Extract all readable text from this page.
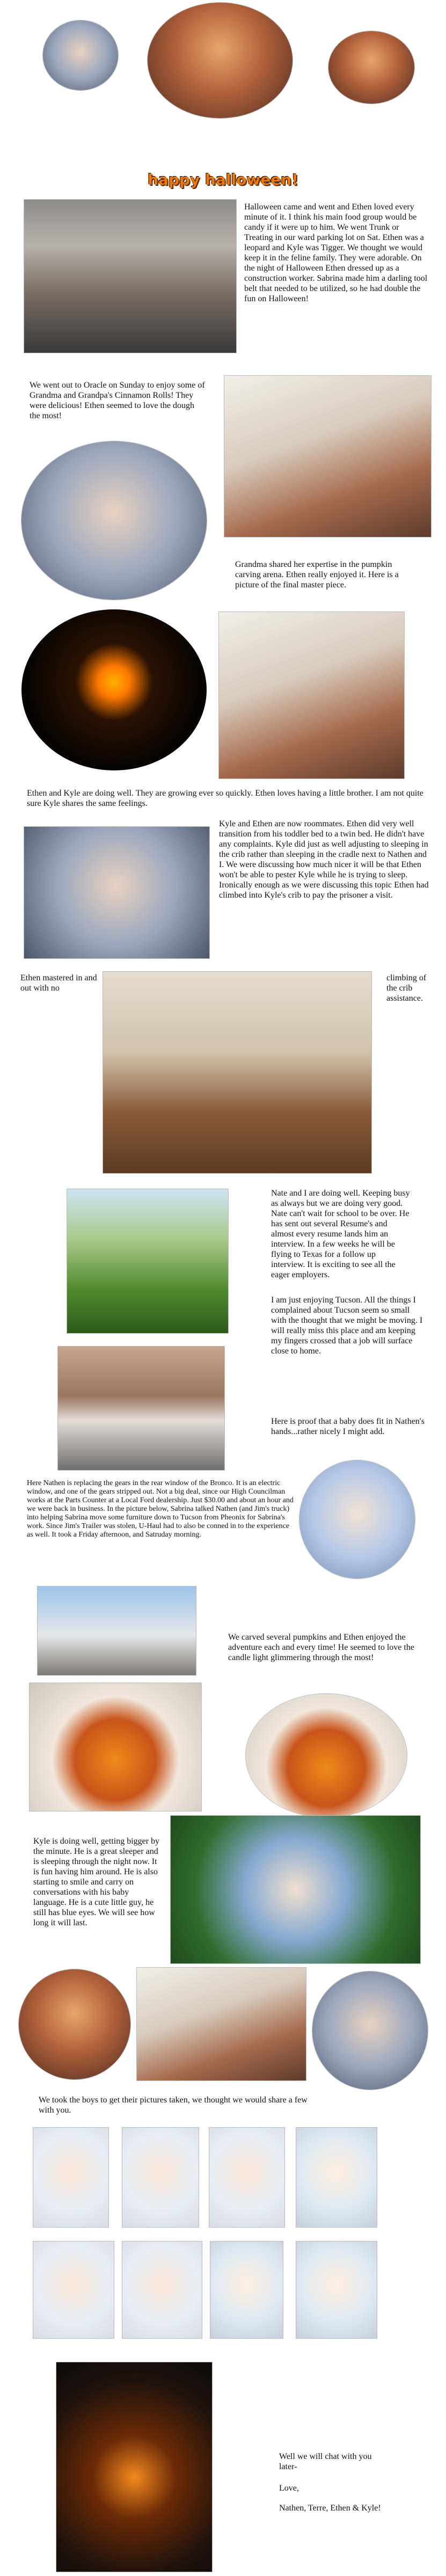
happy halloween!
Halloween came and went and Ethen loved every minute of it. I think his main food group would be candy if it were up to him. We went Trunk or Treating in our ward parking lot on Sat. Ethen was a leopard and Kyle was Tigger. We thought we would keep it in the feline family. They were adorable. On the night of Halloween Ethen dressed up as a construction worker. Sabrina made him a darling tool belt that needed to be utilized, so he had double the fun on Halloween!
We went out to Oracle on Sunday to enjoy some of Grandma and Grandpa's Cinnamon Rolls! They were delicious! Ethen seemed to love the dough the most!
Grandma shared her expertise in the pumpkin carving arena. Ethen really enjoyed it. Here is a picture of the final master piece.
Ethen and Kyle are doing well. They are growing ever so quickly. Ethen loves having a little brother. I am not quite sure Kyle shares the same feelings.
Kyle and Ethen are now roommates. Ethen did very well transition from his toddler bed to a twin bed. He didn't have any complaints. Kyle did just as well adjusting to sleeping in the crib rather than sleeping in the cradle next to Nathen and I. We were discussing how much nicer it will be that Ethen won't be able to pester Kyle while he is trying to sleep. Ironically enough as we were discussing this topic Ethen had climbed into Kyle's crib to pay the prisoner a visit.
Ethen mastered in and out with no
climbing of the crib assistance.
Nate and I are doing well. Keeping busy as always but we are doing very good. Nate can't wait for school to be over. He has sent out several Resume's and almost every resume lands him an interview. In a few weeks he will be flying to Texas for a follow up interview. It is exciting to see all the eager employers.
I am just enjoying Tucson. All the things I complained about Tucson seem so small with the thought that we might be moving. I will really miss this place and am keeping my fingers crossed that a job will surface close to home.
Here is proof that a baby does fit in Nathen's hands...rather nicely I might add.
Here Nathen is replacing the gears in the rear window of the Bronco. It is an electric window, and one of the gears stripped out. Not a big deal, since our High Councilman works at the Parts Counter at a Local Ford dealership. Just $30.00 and about an hour and we were back in business. In the picture below, Sabrina talked Nathen (and Jim's truck) into helping Sabrina move some furniture down to Tucson from Pheonix for Sabrina's work. Since Jim's Trailer was stolen, U-Haul had to also be conned in to the experience as well. It took a Friday afternoon, and Satruday morning.
We carved several pumpkins and Ethen enjoyed the adventure each and every time! He seemed to love the candle light glimmering through the most!
Kyle is doing well, getting bigger by the minute. He is a great sleeper and is sleeping through the night now. It is fun having him around. He is also starting to smile and carry on conversations with his baby language. He is a cute little guy, he still has blue eyes. We will see how long it will last.
We took the boys to get their pictures taken, we thought we would share a few with you.
Well we will chat with you later-
Love,
Nathen, Terre, Ethen & Kyle!
